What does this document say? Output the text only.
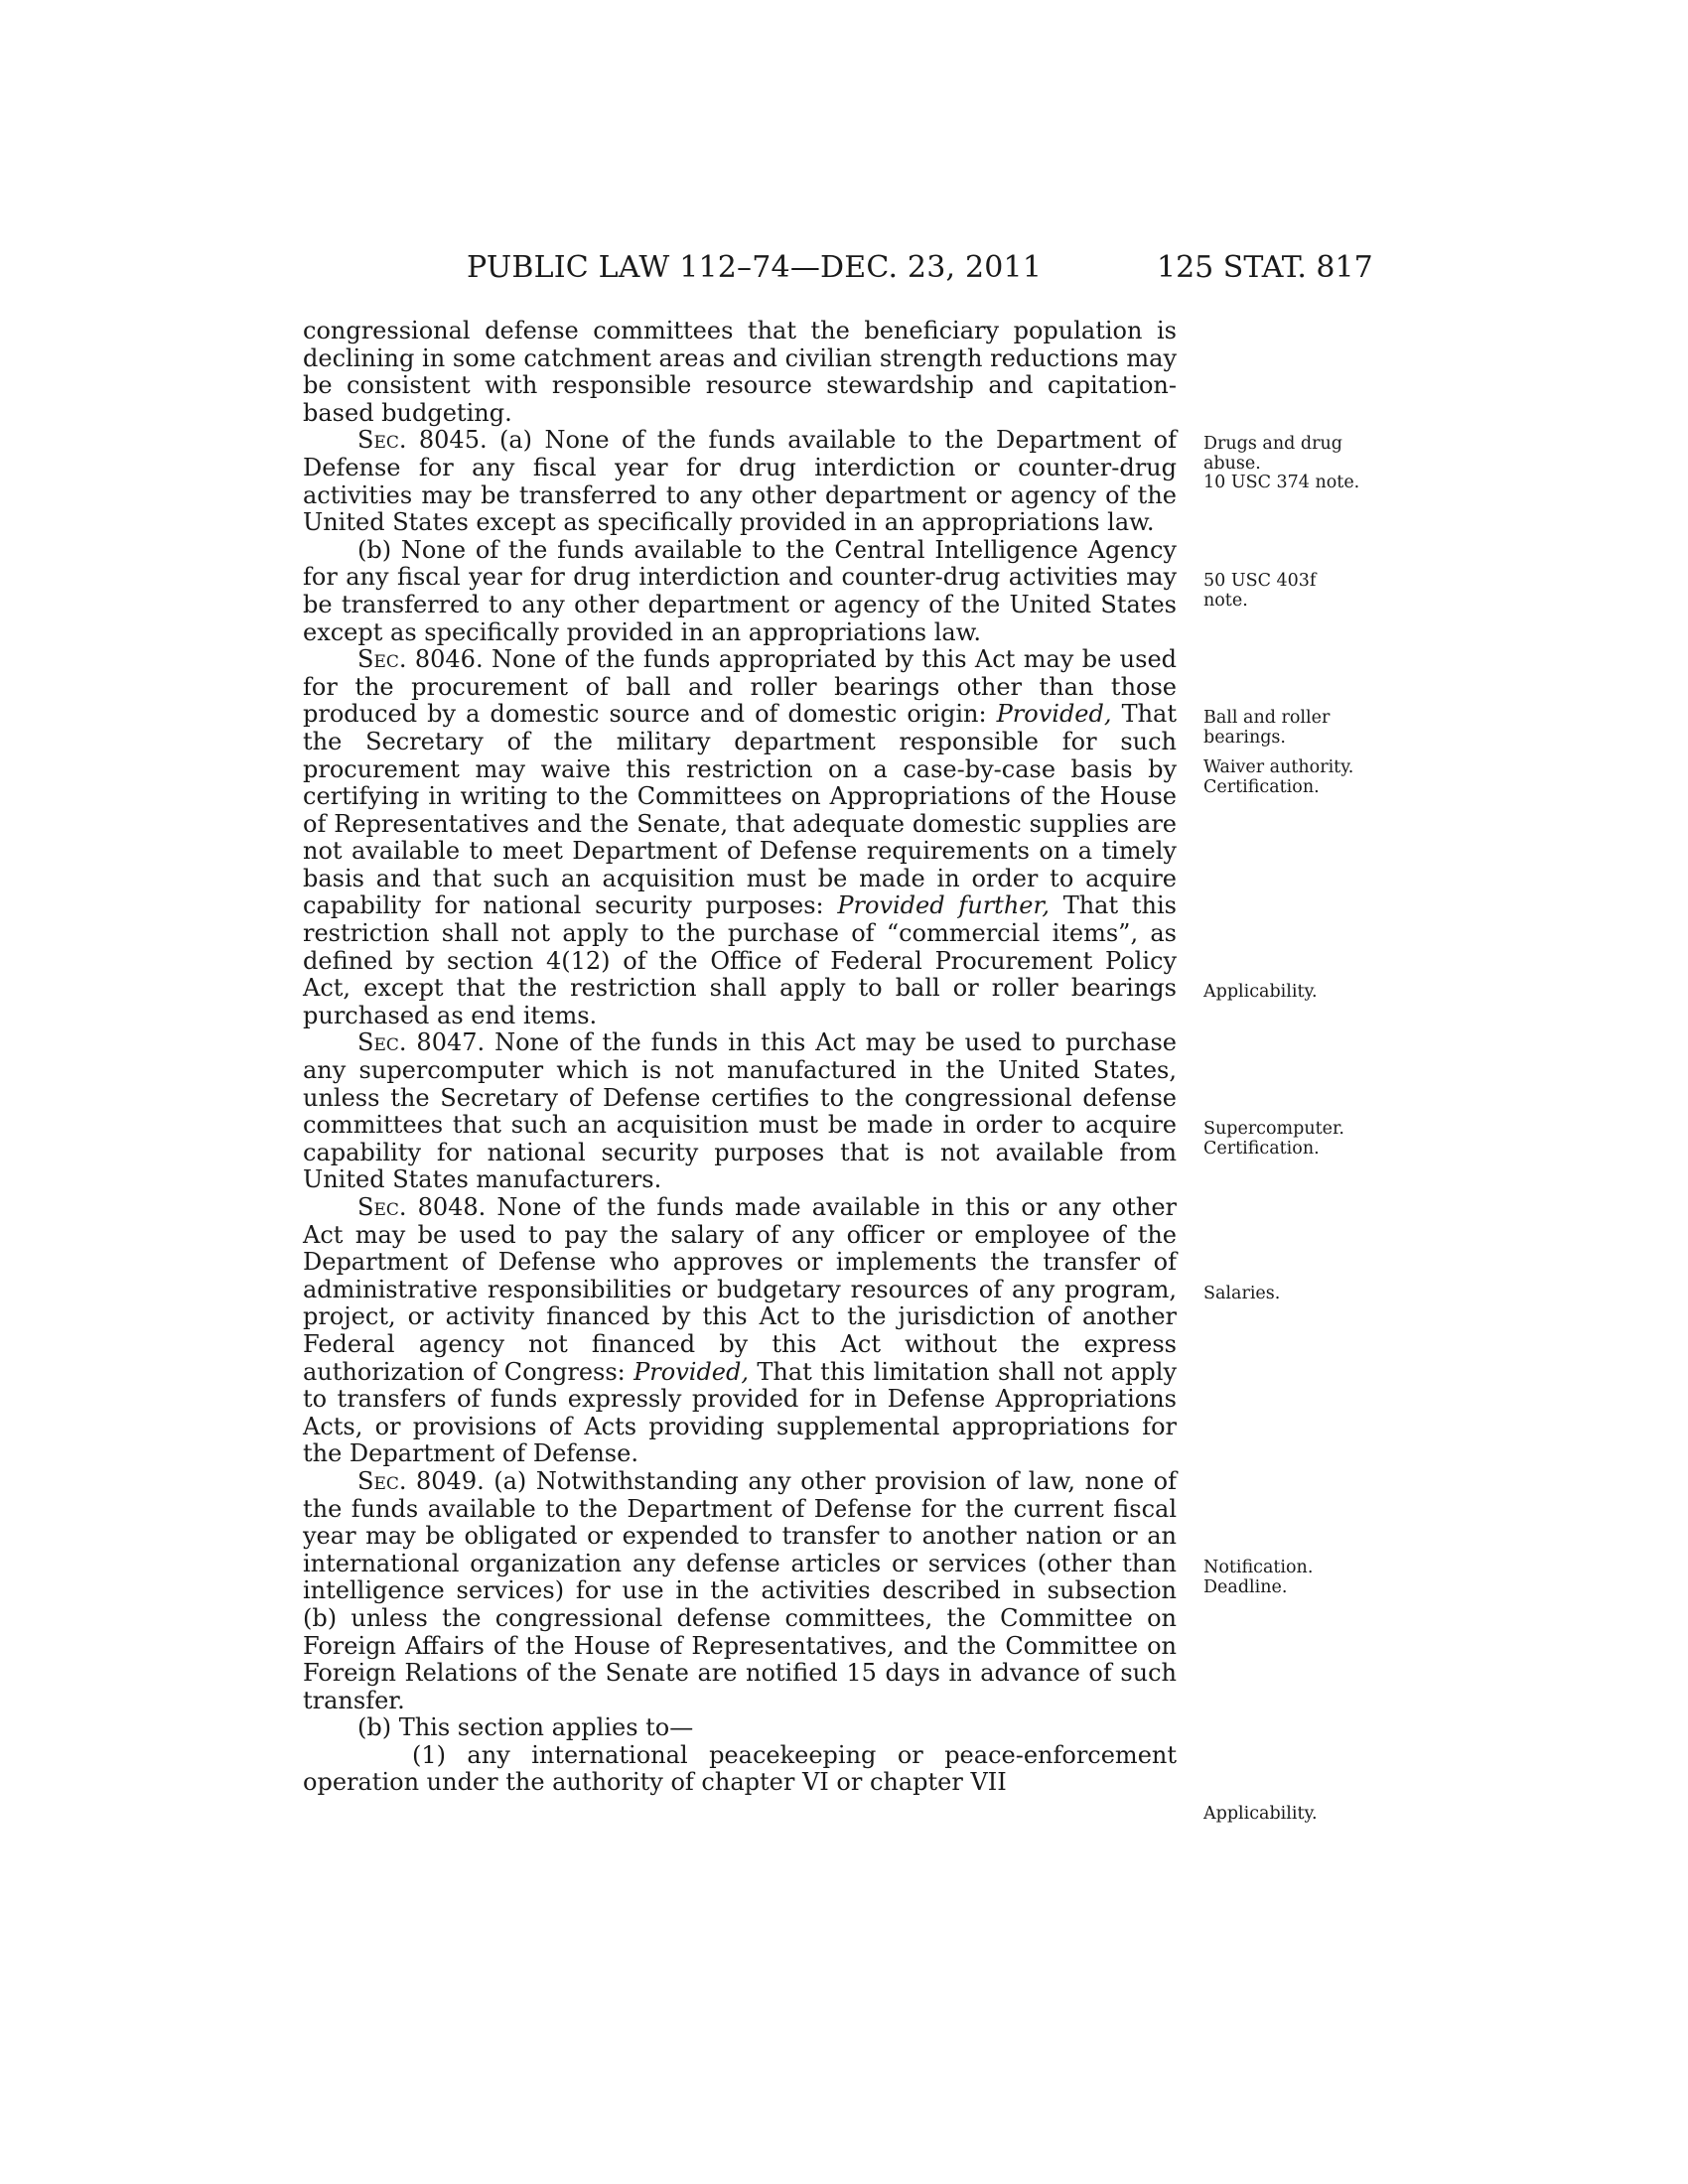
PUBLIC LAW 112–74—DEC. 23, 2011	125 STAT. 817

congressional defense committees that the beneficiary population is declining in some catchment areas and civilian strength reductions may be consistent with responsible resource stewardship and capitation-based budgeting.

Sec. 8045. (a) None of the funds available to the Department of Defense for any fiscal year for drug interdiction or counter-drug activities may be transferred to any other department or agency of the United States except as specifically provided in an appropriations law.

(b) None of the funds available to the Central Intelligence Agency for any fiscal year for drug interdiction and counter-drug activities may be transferred to any other department or agency of the United States except as specifically provided in an appropriations law.

Sec. 8046. None of the funds appropriated by this Act may be used for the procurement of ball and roller bearings other than those produced by a domestic source and of domestic origin: Provided, That the Secretary of the military department responsible for such procurement may waive this restriction on a case-by-case basis by certifying in writing to the Committees on Appropriations of the House of Representatives and the Senate, that adequate domestic supplies are not available to meet Department of Defense requirements on a timely basis and that such an acquisition must be made in order to acquire capability for national security purposes: Provided further, That this restriction shall not apply to the purchase of “commercial items”, as defined by section 4(12) of the Office of Federal Procurement Policy Act, except that the restriction shall apply to ball or roller bearings purchased as end items.

Sec. 8047. None of the funds in this Act may be used to purchase any supercomputer which is not manufactured in the United States, unless the Secretary of Defense certifies to the congressional defense committees that such an acquisition must be made in order to acquire capability for national security purposes that is not available from United States manufacturers.

Sec. 8048. None of the funds made available in this or any other Act may be used to pay the salary of any officer or employee of the Department of Defense who approves or implements the transfer of administrative responsibilities or budgetary resources of any program, project, or activity financed by this Act to the jurisdiction of another Federal agency not financed by this Act without the express authorization of Congress: Provided, That this limitation shall not apply to transfers of funds expressly provided for in Defense Appropriations Acts, or provisions of Acts providing supplemental appropriations for the Department of Defense.

Sec. 8049. (a) Notwithstanding any other provision of law, none of the funds available to the Department of Defense for the current fiscal year may be obligated or expended to transfer to another nation or an international organization any defense articles or services (other than intelligence services) for use in the activities described in subsection (b) unless the congressional defense committees, the Committee on Foreign Affairs of the House of Representatives, and the Committee on Foreign Relations of the Senate are notified 15 days in advance of such transfer.

(b) This section applies to—

(1) any international peacekeeping or peace-enforcement operation under the authority of chapter VI or chapter VII

Drugs and drug
abuse.
10 USC 374 note.
50 USC 403f
note.
Ball and roller
bearings.
Waiver authority.
Certification.
Applicability.
Supercomputer.
Certification.
Salaries.
Notification.
Deadline.
Applicability.
